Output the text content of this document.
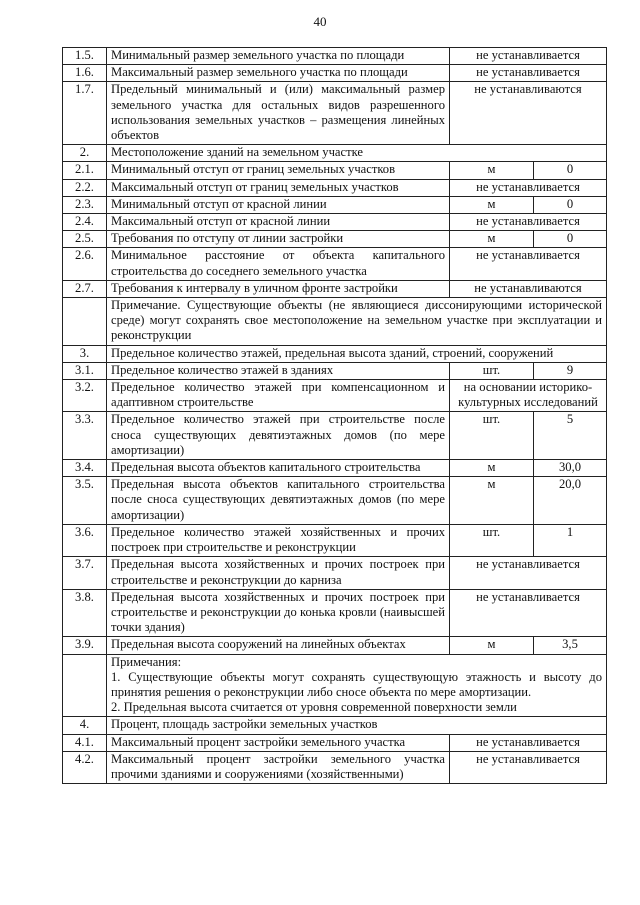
40
1.5.	Минимальный размер земельного участка по площади	не устанавливается	
1.6.	Максимальный размер земельного участка по площади	не устанавливается	
1.7.	Предельный минимальный и (или) максимальный размер земельного участка для остальных видов разрешенного использования земельных участков – размещения линейных объектов	не устанавливаются	
2.	Местоположение зданий на земельном участке		
2.1.	Минимальный отступ от границ земельных участков	м	0
2.2.	Максимальный отступ от границ земельных участков	не устанавливается	
2.3.	Минимальный отступ от красной линии	м	0
2.4.	Максимальный отступ от красной линии	не устанавливается	
2.5.	Требования по отступу от линии застройки	м	0
2.6.	Минимальное расстояние от объекта капитального строительства до соседнего земельного участка	не устанавливается	
2.7.	Требования к интервалу в уличном фронте застройки	не устанавливаются	

	Примечание. Существующие объекты (не являющиеся диссонирующими исторической среде) могут сохранять свое местоположение на земельном участке при эксплуатации и реконструкции		

3.	Предельное количество этажей, предельная высота зданий, строений, сооружений		
3.1.	Предельное количество этажей в зданиях	шт.	9
3.2.	Предельное количество этажей при компенсационном и адаптивном строительстве	на основании историко-культурных исследований	
3.3.	Предельное количество этажей при строительстве после сноса существующих девятиэтажных домов (по мере амортизации)	шт.	5
3.4.	Предельная высота объектов капитального строительства	м	30,0
3.5.	Предельная высота объектов капитального строительства после сноса существующих девятиэтажных домов (по мере амортизации)	м	20,0
3.6.	Предельное количество этажей хозяйственных и прочих построек при строительстве и реконструкции	шт.	1
3.7.	Предельная высота хозяйственных и прочих построек при строительстве и реконструкции до карниза	не устанавливается	
3.8.	Предельная высота хозяйственных и прочих построек при строительстве и реконструкции до конька кровли (наивысшей точки здания)	не устанавливается	
3.9.	Предельная высота сооружений на линейных объектах	м	3,5

	Примечания:
1. Существующие объекты могут сохранять существующую этажность и высоту до принятия решения о реконструкции либо сносе объекта по мере амортизации.
2. Предельная высота считается от уровня современной поверхности земли		

4.	Процент, площадь застройки земельных участков		
4.1.	Максимальный процент застройки земельного участка	не устанавливается	
4.2.	Максимальный процент застройки земельного участка прочими зданиями и сооружениями (хозяйственными)	не устанавливается	
